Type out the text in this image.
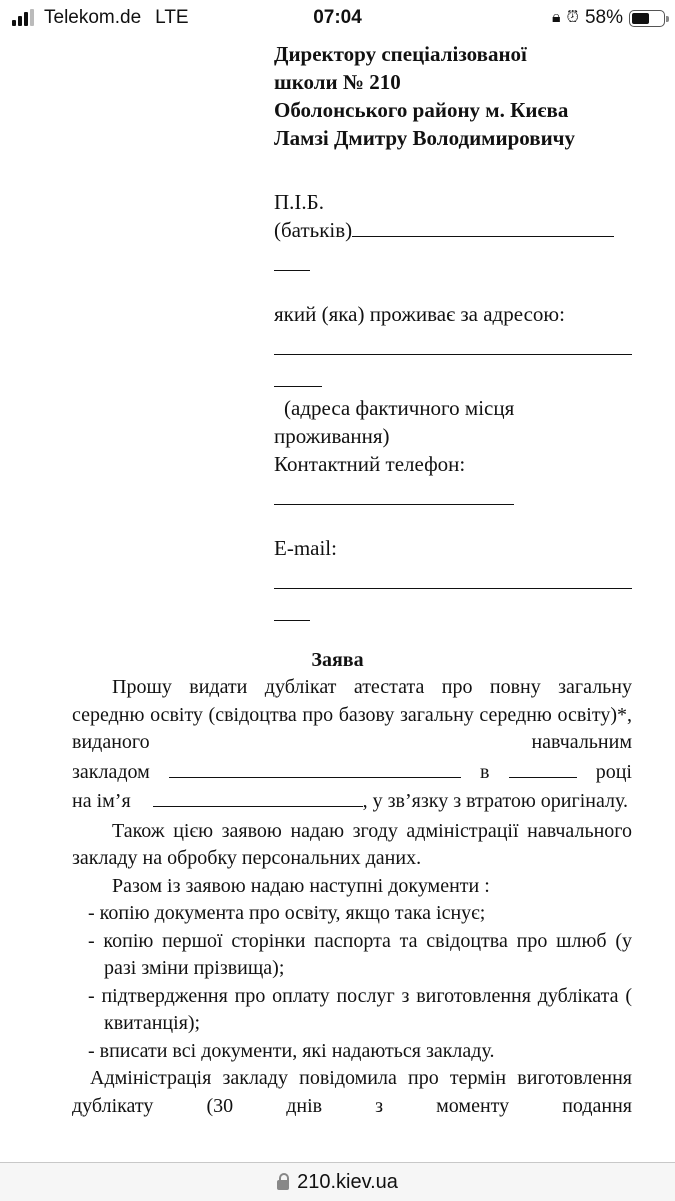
Telekom.de LTE	07:04	🔒︎ ⏰︎ 58%

Директору спеціалізованої

школи № 210

Оболонського району м. Києва

Ламзі Дмитру Володимировичу

П.І.Б.

(батьків)

який (яка) проживає за адресою:

(адреса фактичного місця

проживання)

Контактний телефон:

E-mail:

Заява

Прошу видати дублікат атестата про повну загальну середню освіту (свідоцтва про базову загальну середню освіту)*, виданого навчальним

закладом	в	році

на ім’я	, у зв’язку з втратою оригіналу.

Також цією заявою надаю згоду адміністрації навчального закладу на обробку персональних даних.

Разом із заявою надаю наступні документи :

- копію документа про освіту, якщо така існує;

- копію першої сторінки паспорта та свідоцтва про шлюб (у разі зміни прізвища);

- підтвердження про оплату послуг з виготовлення дубліката ( квитанція);

- вписати всі документи, які надаються закладу.

Адміністрація закладу повідомила про термін виготовлення дублікату (30 днів з моменту подання

210.kiev.ua
